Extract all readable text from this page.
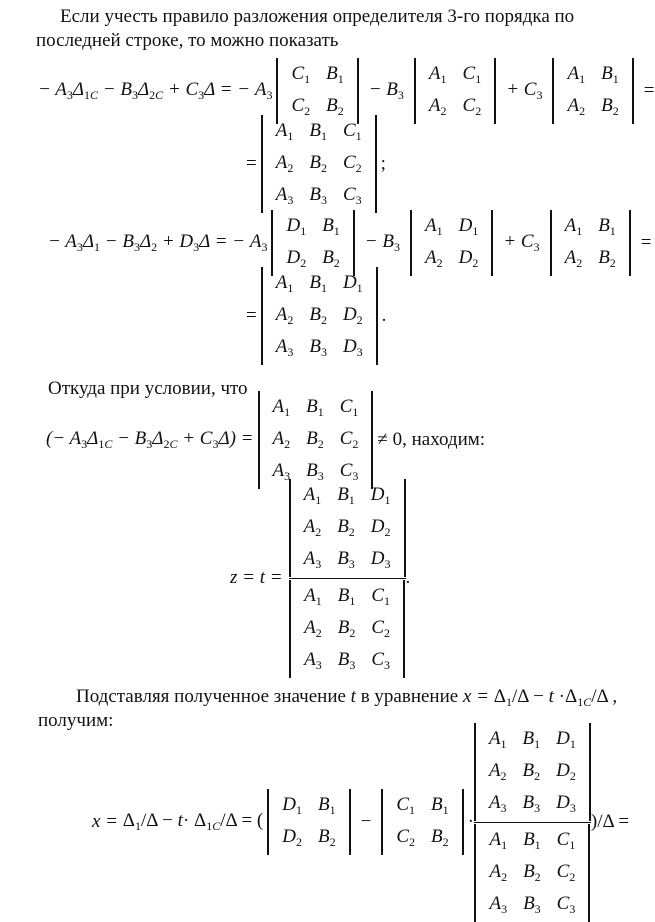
Если учесть правило разложения определителя 3-го порядка по
последней строке, то можно показать
− $A_3\Delta_{1C} - B_3\Delta_{2C} + C_3\Delta$ = − $A_3$
$C_1$	$B_1$
$C_2$	$B_2$
− $B_3$
$A_1$	$C_1$
$A_2$	$C_2$
+ $C_3$
$A_1$	$B_1$
$A_2$	$B_2$
=
=
$A_1$	$B_1$	$C_1$
$A_2$	$B_2$	$C_2$
$A_3$	$B_3$	$C_3$
;
− $A_3\Delta_1 - B_3\Delta_2 + D_3\Delta$ = − $A_3$
$D_1$	$B_1$
$D_2$	$B_2$
− $B_3$
$A_1$	$D_1$
$A_2$	$D_2$
+ $C_3$
$A_1$	$B_1$
$A_2$	$B_2$
=
=
$A_1$	$B_1$	$D_1$
$A_2$	$B_2$	$D_2$
$A_3$	$B_3$	$D_3$
.
Откуда при условии, что
(− $A_3\Delta_{1C} - B_3\Delta_{2C} + C_3\Delta$) =
$A_1$	$B_1$	$C_1$
$A_2$	$B_2$	$C_2$
$A_3$	$B_3$	$C_3$
≠ 0, находим:
$z = t = A_1$	$B_1$	$D_1$
$A_2$	$B_2$	$D_2$
$A_3$	$B_3$	$D_3$
$A_1$	$B_1$	$C_1$
$A_2$	$B_2$	$C_2$
$A_3$	$B_3$	$C_3$ .
Подставляя полученное значение t в уравнение $x = \Delta_1/\Delta - t \cdot\Delta_{1C}/\Delta$ ,
получим:
$x = \Delta_1/\Delta - t\cdot \Delta_{1C}/\Delta$ = (
$D_1$	$B_1$
$D_2$	$B_2$
−
$C_1$	$B_1$
$C_2$	$B_2$
· $A_1$	$B_1$	$D_1$
$A_2$	$B_2$	$D_2$
$A_3$	$B_3$	$D_3$
$A_1$	$B_1$	$C_1$
$A_2$	$B_2$	$C_2$
$A_3$	$B_3$	$C_3$ )/Δ =
